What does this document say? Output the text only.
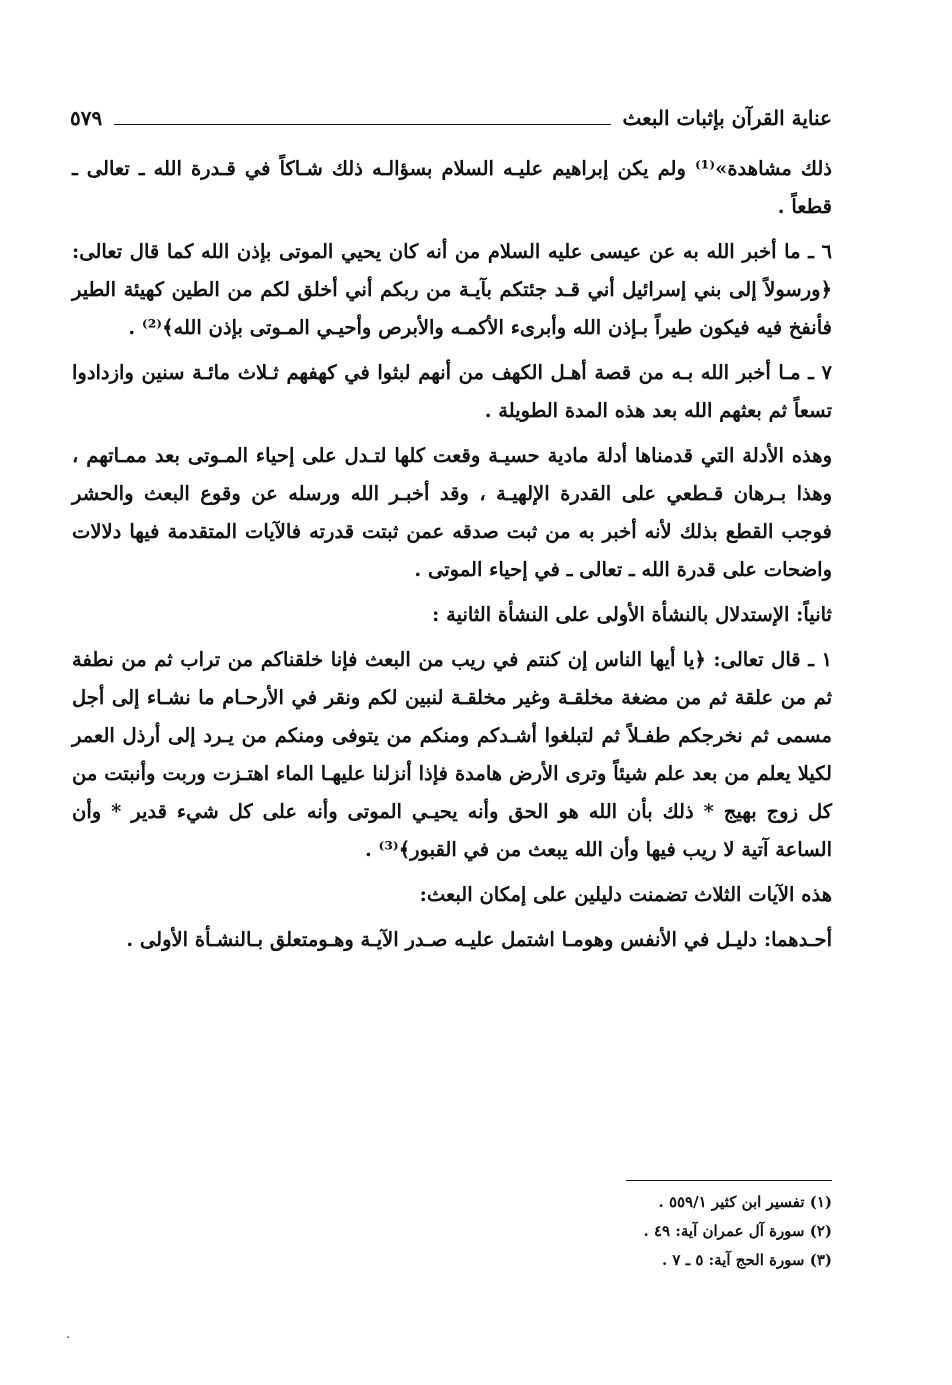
عناية القرآن بإثبات البعث
٥٧٩

ذلك مشاهدة»⁽¹⁾ ولم يكن إبراهيم عليـه السلام بسؤالـه ذلك شـاكاً في قـدرة الله ـ تعالى ـ قطعاً .

٦ ـ ما أخبر الله به عن عيسى عليه السلام من أنه كان يحيي الموتى بإذن الله كما قال تعالى: ﴿ورسولاً إلى بني إسرائيل أني قـد جئتكم بآيـة من ربكم أني أخلق لكم من الطين كهيئة الطير فأنفخ فيه فيكون طيراً بـإذن الله وأبرىء الأكمـه والأبرص وأحيـي المـوتى بإذن الله﴾⁽²⁾ .

٧ ـ مـا أخبر الله بـه من قصة أهـل الكهف من أنهم لبثوا في كهفهم ثـلاث مائـة سنين وازدادوا تسعاً ثم بعثهم الله بعد هذه المدة الطويلة .

وهذه الأدلة التي قدمناها أدلة مادية حسيـة وقعت كلها لتـدل على إحياء المـوتى بعد ممـاتهم ، وهذا بـرهان قـطعي على القدرة الإلهيـة ، وقد أخبـر الله ورسله عن وقوع البعث والحشر فوجب القطع بذلك لأنه أخبر به من ثبت صدقه عمن ثبتت قدرته فالآيات المتقدمة فيها دلالات واضحات على قدرة الله ـ تعالى ـ في إحياء الموتى .

ثانياً: الإستدلال بالنشأة الأولى على النشأة الثانية :

١ ـ قال تعالى: ﴿يا أيها الناس إن كنتم في ريب من البعث فإنا خلقناكم من تراب ثم من نطفة ثم من علقة ثم من مضغة مخلقـة وغير مخلقـة لنبين لكم ونقر في الأرحـام ما نشـاء إلى أجل مسمى ثم نخرجكم طفـلاً ثم لتبلغوا أشـدكم ومنكم من يتوفى ومنكم من يـرد إلى أرذل العمر لكيلا يعلم من بعد علم شيئاً وترى الأرض هامدة فإذا أنزلنا عليهـا الماء اهتـزت وربت وأنبتت من كل زوج بهيج * ذلك بأن الله هو الحق وأنه يحيـي الموتى وأنه على كل شيء قدير * وأن الساعة آتية لا ريب فيها وأن الله يبعث من في القبور﴾⁽³⁾ .

هذه الآيات الثلاث تضمنت دليلين على إمكان البعث:

أحـدهما: دليـل في الأنفس وهومـا اشتمل عليـه صـدر الآيـة وهـومتعلق بـالنشـأة الأولى .

(١) تفسير ابن كثير ٥٥٩/١ .
(٢) سورة آل عمران آية: ٤٩ .
(٣) سورة الحج آية: ٥ ـ ٧ .
·
